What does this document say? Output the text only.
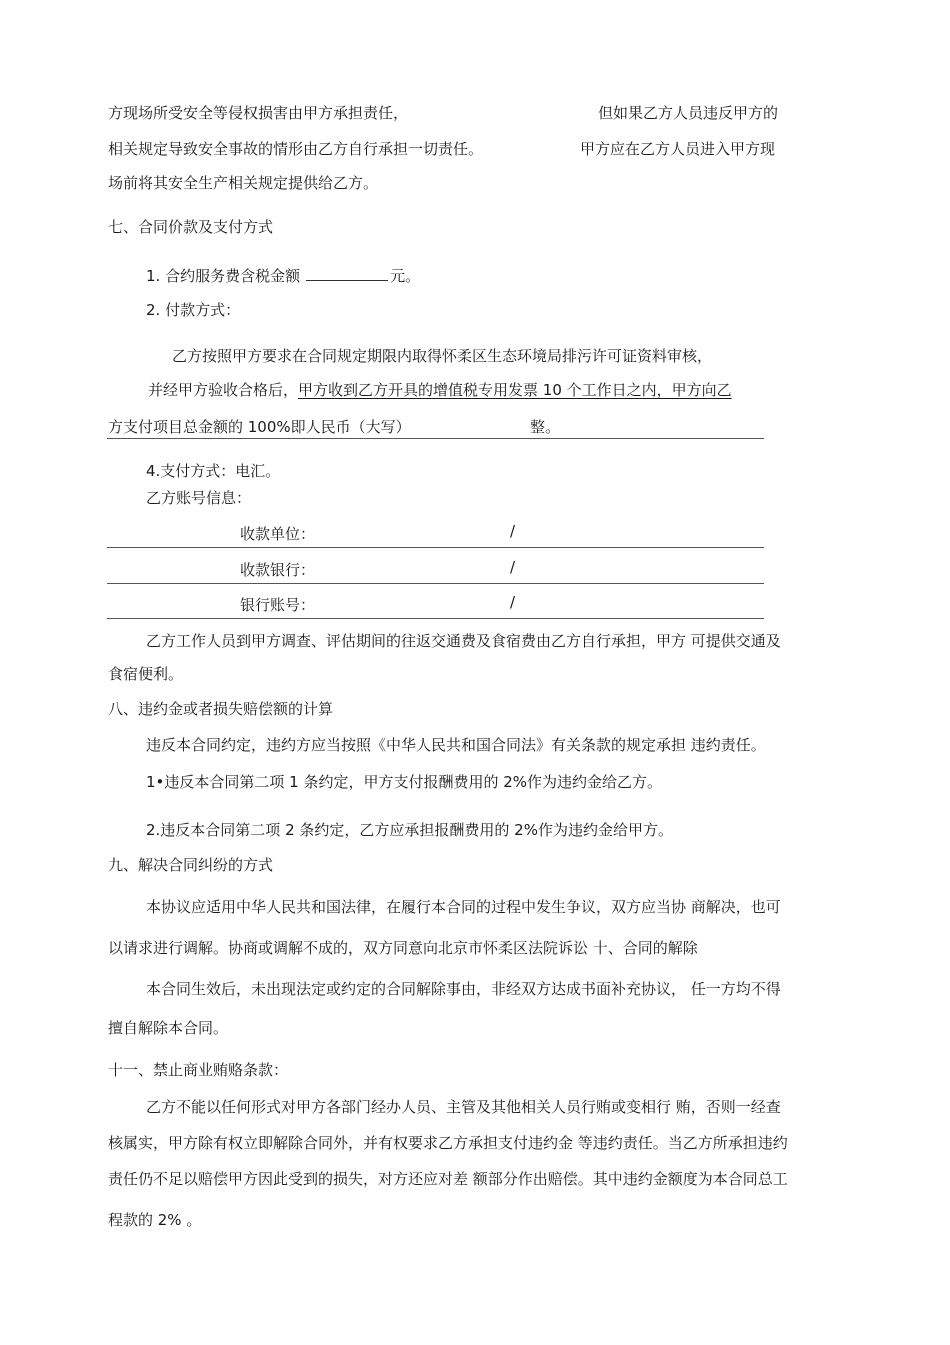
方现场所受安全等侵权损害由甲方承担责任，	但如果乙方人员违反甲方的
相关规定导致安全事故的情形由乙方自行承担一切责任。	甲方应在乙方人员进入甲方现
场前将其安全生产相关规定提供给乙方。
七、合同价款及支付方式
1. 合约服务费含税金额	元。
2. 付款方式：
乙方按照甲方要求在合同规定期限内取得怀柔区生态环境局排污许可证资料审核，
并经甲方验收合格后，甲方收到乙方开具的增值税专用发票 10 个工作日之内，甲方向乙
方支付项目总金额的 100%即人民币（大写）	整。
4.支付方式：电汇。
乙方账号信息：
收款单位：	/
收款银行：	/
银行账号：	/
乙方工作人员到甲方调查、评估期间的往返交通费及食宿费由乙方自行承担，甲方 可提供交通及
食宿便利。
八、违约金或者损失赔偿额的计算
违反本合同约定，违约方应当按照《中华人民共和国合同法》有关条款的规定承担 违约责任。
1•违反本合同第二项 1 条约定，甲方支付报酬费用的 2%作为违约金给乙方。
2.违反本合同第二项 2 条约定，乙方应承担报酬费用的 2%作为违约金给甲方。
九、解决合同纠纷的方式
本协议应适用中华人民共和国法律，在履行本合同的过程中发生争议，双方应当协 商解决，也可
以请求进行调解。协商或调解不成的，双方同意向北京市怀柔区法院诉讼 十、合同的解除
本合同生效后，未出现法定或约定的合同解除事由，非经双方达成书面补充协议， 任一方均不得
擅自解除本合同。
十一、禁止商业贿赂条款：
乙方不能以任何形式对甲方各部门经办人员、主管及其他相关人员行贿或变相行 贿，否则一经查
核属实，甲方除有权立即解除合同外，并有权要求乙方承担支付违约金 等违约责任。当乙方所承担违约
责任仍不足以赔偿甲方因此受到的损失，对方还应对差 额部分作出赔偿。其中违约金额度为本合同总工
程款的 2% 。
